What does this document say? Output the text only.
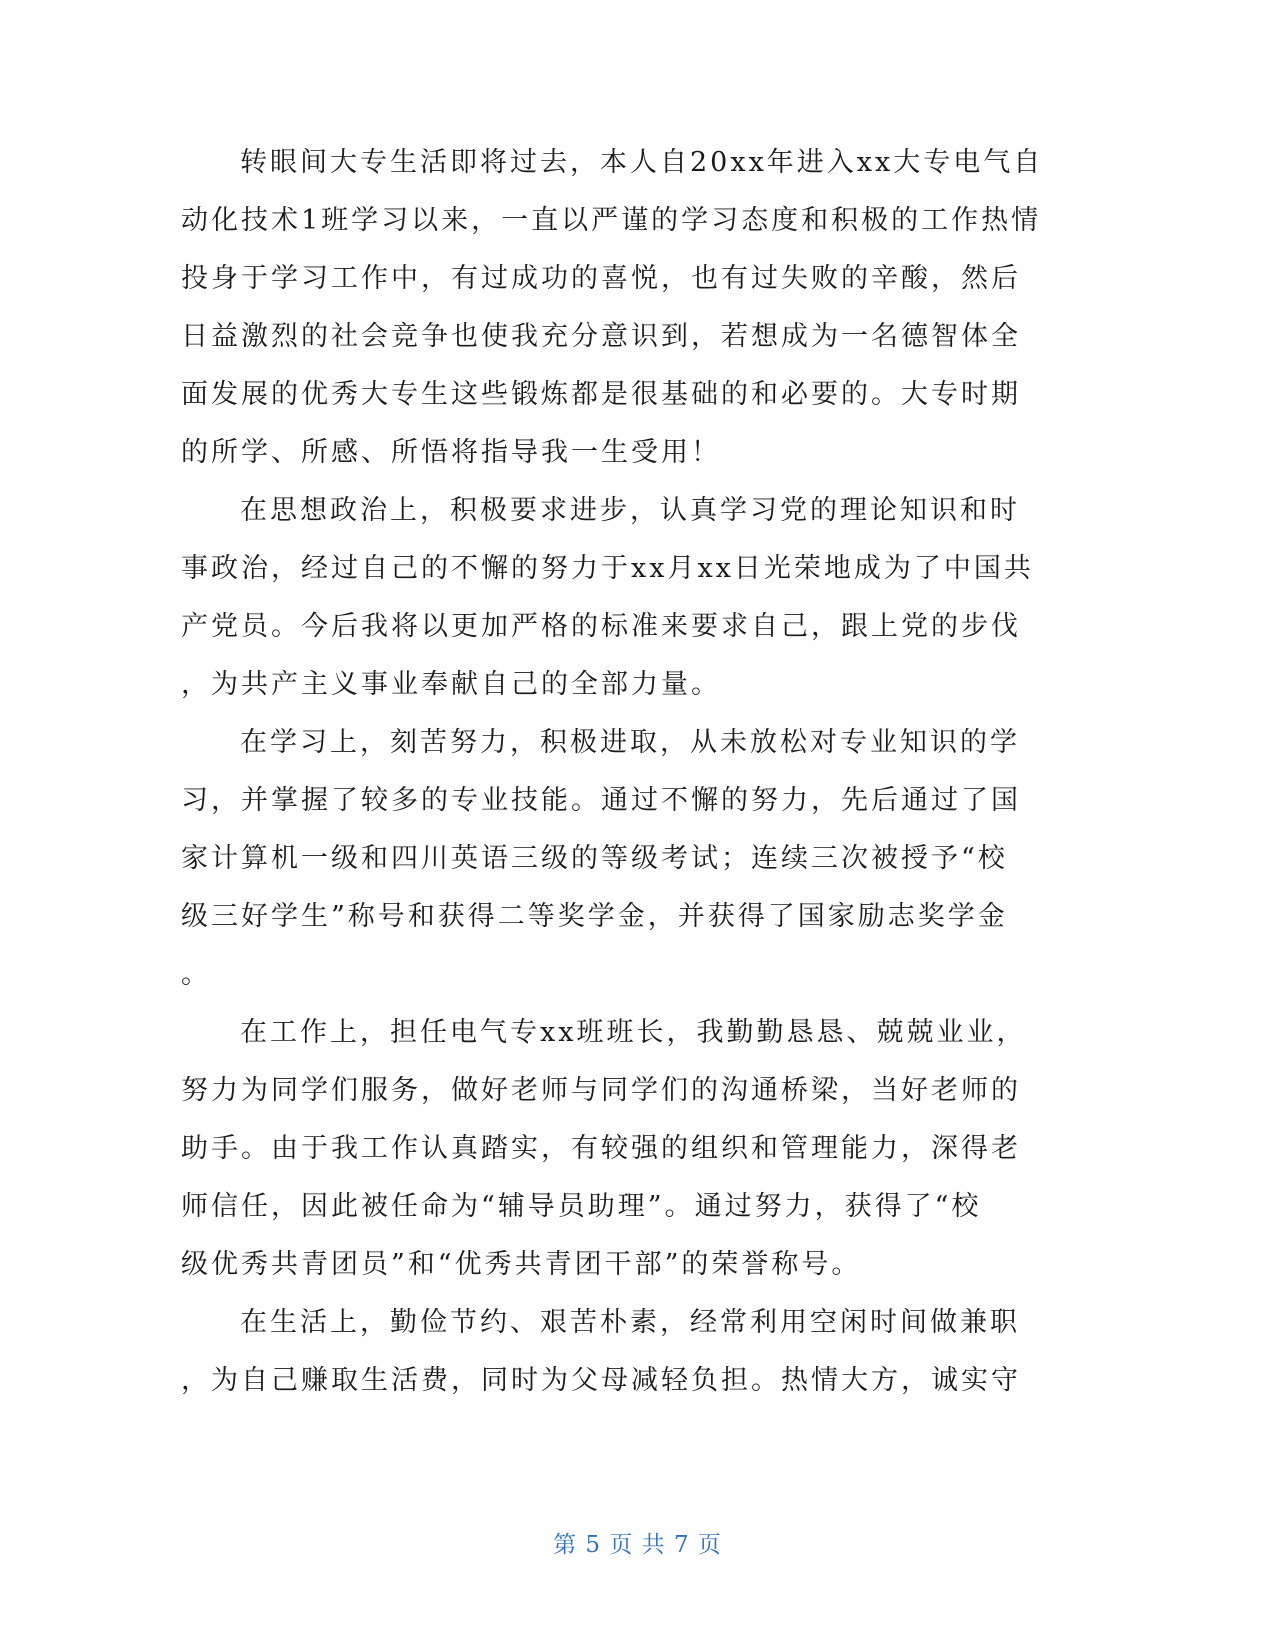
转眼间大专生活即将过去，本人自20xx年进入xx大专电气自
动化技术1班学习以来，一直以严谨的学习态度和积极的工作热情
投身于学习工作中，有过成功的喜悦，也有过失败的辛酸，然后
日益激烈的社会竞争也使我充分意识到，若想成为一名德智体全
面发展的优秀大专生这些锻炼都是很基础的和必要的。大专时期
的所学、所感、所悟将指导我一生受用！
在思想政治上，积极要求进步，认真学习党的理论知识和时
事政治，经过自己的不懈的努力于xx月xx日光荣地成为了中国共
产党员。今后我将以更加严格的标准来要求自己，跟上党的步伐
，为共产主义事业奉献自己的全部力量。
在学习上，刻苦努力，积极进取，从未放松对专业知识的学
习，并掌握了较多的专业技能。通过不懈的努力，先后通过了国
家计算机一级和四川英语三级的等级考试；连续三次被授予“校
级三好学生”称号和获得二等奖学金，并获得了国家励志奖学金
。
在工作上，担任电气专xx班班长，我勤勤恳恳、兢兢业业，
努力为同学们服务，做好老师与同学们的沟通桥梁，当好老师的
助手。由于我工作认真踏实，有较强的组织和管理能力，深得老
师信任，因此被任命为“辅导员助理”。通过努力，获得了“校
级优秀共青团员”和“优秀共青团干部”的荣誉称号。
在生活上，勤俭节约、艰苦朴素，经常利用空闲时间做兼职
，为自己赚取生活费，同时为父母减轻负担。热情大方，诚实守
第 5 页 共 7 页
